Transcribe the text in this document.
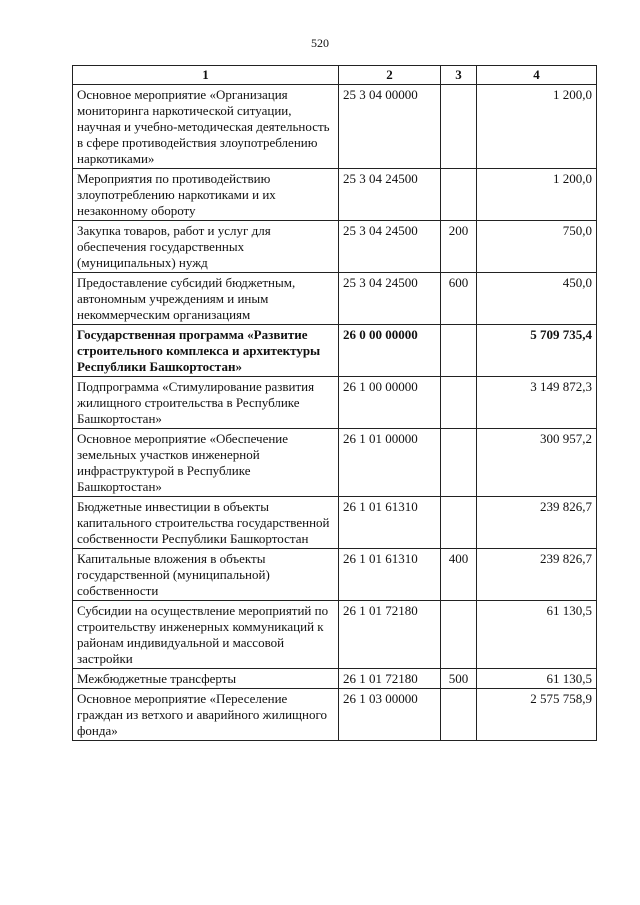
520
1	2	3	4
Основное мероприятие «Организация мониторинга наркотической ситуации, научная и учебно-методическая деятельность в сфере противодействия злоупотреблению наркотиками»	25 3 04 00000		1 200,0
Мероприятия по противодействию злоупотреблению наркотиками и их незаконному обороту	25 3 04 24500		1 200,0
Закупка товаров, работ и услуг для обеспечения государственных (муниципальных) нужд	25 3 04 24500	200	750,0
Предоставление субсидий бюджетным, автономным учреждениям и иным некоммерческим организациям	25 3 04 24500	600	450,0
Государственная программа «Развитие строительного комплекса и архитектуры Республики Башкортостан»	26 0 00 00000		5 709 735,4
Подпрограмма «Стимулирование развития жилищного строительства в Республике Башкортостан»	26 1 00 00000		3 149 872,3
Основное мероприятие «Обеспечение земельных участков инженерной инфраструктурой в Республике Башкортостан»	26 1 01 00000		300 957,2
Бюджетные инвестиции в объекты капитального строительства государственной собственности Республики Башкортостан	26 1 01 61310		239 826,7
Капитальные вложения в объекты государственной (муниципальной) собственности	26 1 01 61310	400	239 826,7
Субсидии на осуществление мероприятий по строительству инженерных коммуникаций к районам индивидуальной и массовой застройки	26 1 01 72180		61 130,5
Межбюджетные трансферты	26 1 01 72180	500	61 130,5
Основное мероприятие «Переселение граждан из ветхого и аварийного жилищного фонда»	26 1 03 00000		2 575 758,9
